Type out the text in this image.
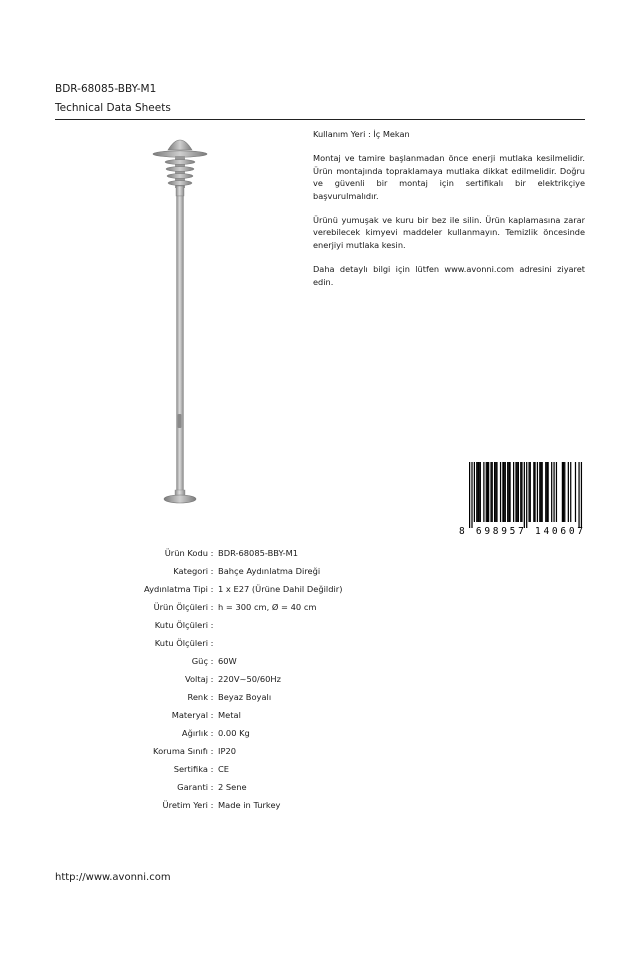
BDR-68085-BBY-M1
Technical Data Sheets

Kullanım Yeri : İç Mekan

Montaj ve tamire başlanmadan önce enerji mutlaka kesilmelidir. Ürün montajında topraklamaya mutlaka dikkat edilmelidir. Doğru ve güvenli bir montaj için sertifikalı bir elektrikçiye başvurulmalıdır.

Ürünü yumuşak ve kuru bir bez ile silin. Ürün kaplamasına zarar verebilecek kimyevi maddeler kullanmayın. Temizlik öncesinde enerjiyi mutlaka kesin.

Daha detaylı bilgi için lütfen www.avonni.com adresini ziyaret edin.

8 698957 140607
Ürün Kodu : BDR-68085-BBY-M1
Kategori : Bahçe Aydınlatma Direği
Aydınlatma Tipi : 1 x E27 (Ürüne Dahil Değildir)
Ürün Ölçüleri : h = 300 cm, Ø = 40 cm
Kutu Ölçüleri :
Kutu Ölçüleri :
Güç : 60W
Voltaj : 220V~50/60Hz
Renk : Beyaz Boyalı
Materyal : Metal
Ağırlık : 0.00 Kg
Koruma Sınıfı : IP20
Sertifika : CE
Garanti : 2 Sene
Üretim Yeri : Made in Turkey
http://www.avonni.com
